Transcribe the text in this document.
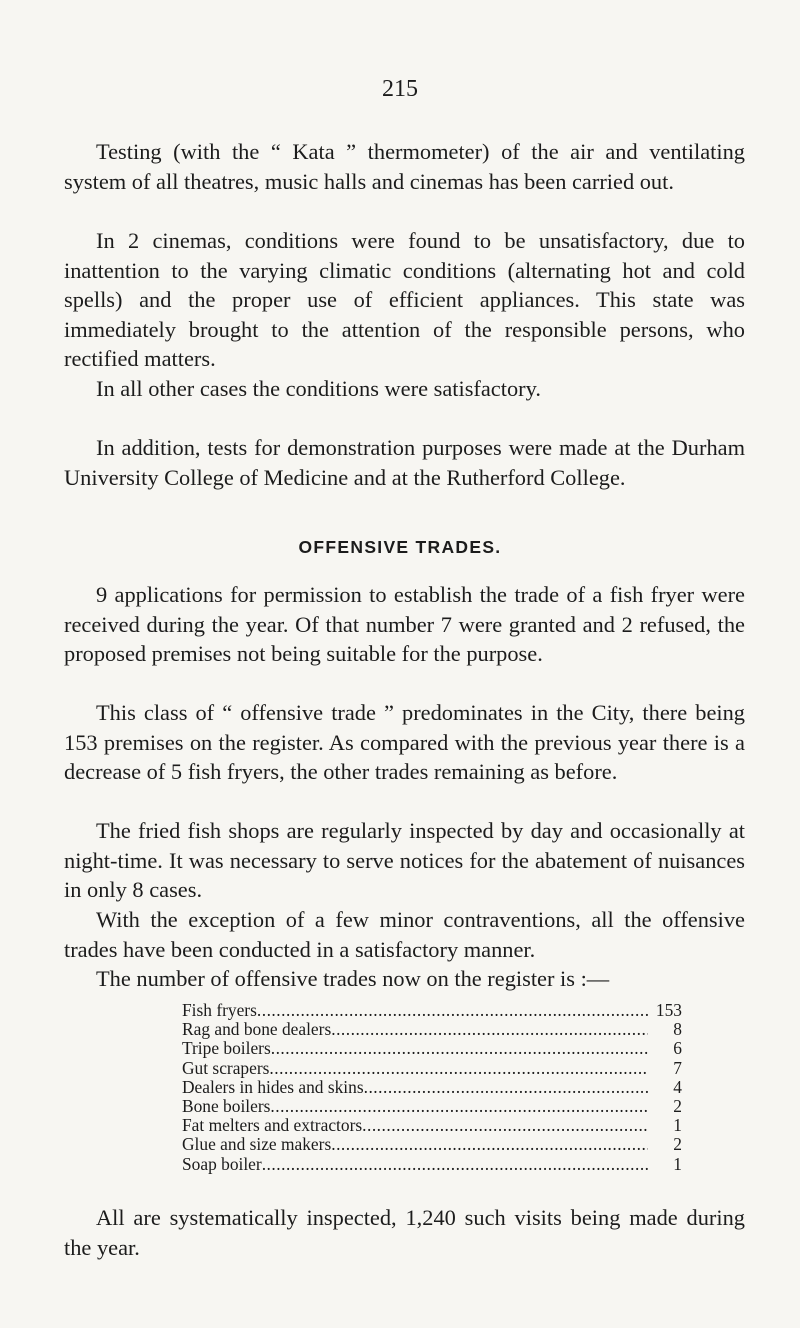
215

Testing (with the “ Kata ” thermometer) of the air and ventilating system of all theatres, music halls and cinemas has been carried out.

In 2 cinemas, conditions were found to be unsatisfactory, due to inattention to the varying climatic conditions (alternating hot and cold spells) and the proper use of efficient appliances. This state was immediately brought to the attention of the responsible persons, who rectified matters.

In all other cases the conditions were satisfactory.

In addition, tests for demonstration purposes were made at the Durham University College of Medicine and at the Rutherford College.

OFFENSIVE TRADES.

9 applications for permission to establish the trade of a fish fryer were received during the year. Of that number 7 were granted and 2 refused, the proposed premises not being suitable for the purpose.

This class of “ offensive trade ” predominates in the City, there being 153 premises on the register. As compared with the previous year there is a decrease of 5 fish fryers, the other trades remaining as before.

The fried fish shops are regularly inspected by day and occasionally at night-time. It was necessary to serve notices for the abatement of nuisances in only 8 cases.

With the exception of a few minor contraventions, all the offensive trades have been conducted in a satisfactory manner.

The number of offensive trades now on the register is :—

Fish fryers .....	153
Rag and bone dealers .....	8
Tripe boilers .....	6
Gut scrapers .....	7
Dealers in hides and skins .....	4
Bone boilers .....	2
Fat melters and extractors .....	1
Glue and size makers .....	2
Soap boiler .....	1

All are systematically inspected, 1,240 such visits being made during the year.
